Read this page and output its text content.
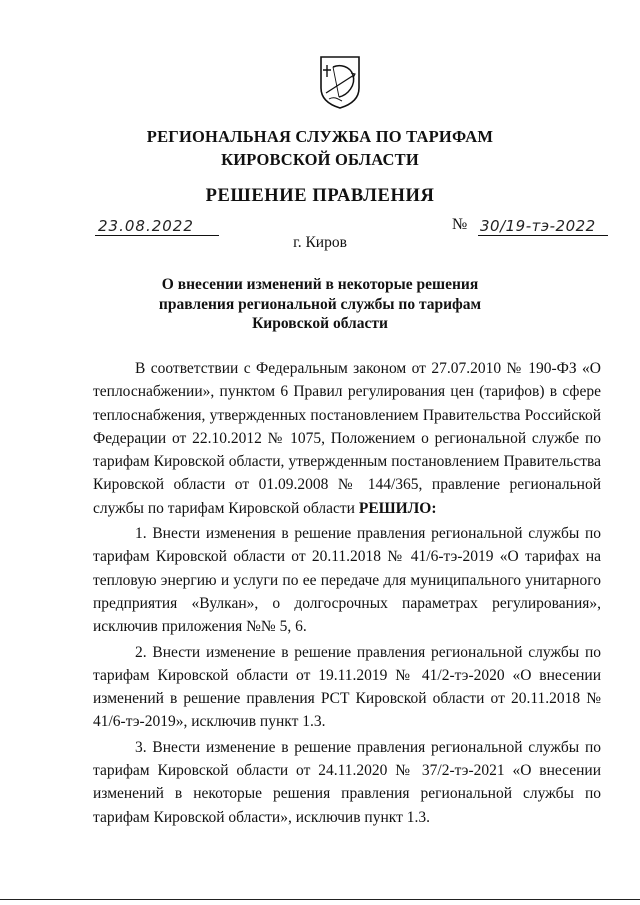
РЕГИОНАЛЬНАЯ СЛУЖБА ПО ТАРИФАМ
КИРОВСКОЙ ОБЛАСТИ
РЕШЕНИЕ ПРАВЛЕНИЯ
23.08.2022	№ 30/19-тэ-2022
г. Киров
О внесении изменений в некоторые решения
правления региональной службы по тарифам
Кировской области

В соответствии с Федеральным законом от 27.07.2010 № 190-ФЗ «О теплоснабжении», пунктом 6 Правил регулирования цен (тарифов) в сфере теплоснабжения, утвержденных постановлением Правительства Российской Федерации от 22.10.2012 № 1075, Положением о региональной службе по тарифам Кировской области, утвержденным постановлением Правительства Кировской области от 01.09.2008 № 144/365, правление региональной службы по тарифам Кировской области РЕШИЛО:

1. Внести изменения в решение правления региональной службы по тарифам Кировской области от 20.11.2018 № 41/6-тэ-2019 «О тарифах на тепловую энергию и услуги по ее передаче для муниципального унитарного предприятия «Вулкан», о долгосрочных параметрах регулирования», исключив приложения №№ 5, 6.

2. Внести изменение в решение правления региональной службы по тарифам Кировской области от 19.11.2019 № 41/2-тэ-2020 «О внесении изменений в решение правления РСТ Кировской области от 20.11.2018 № 41/6-тэ-2019», исключив пункт 1.3.

3. Внести изменение в решение правления региональной службы по тарифам Кировской области от 24.11.2020 № 37/2-тэ-2021 «О внесении изменений в некоторые решения правления региональной службы по тарифам Кировской области», исключив пункт 1.3.
